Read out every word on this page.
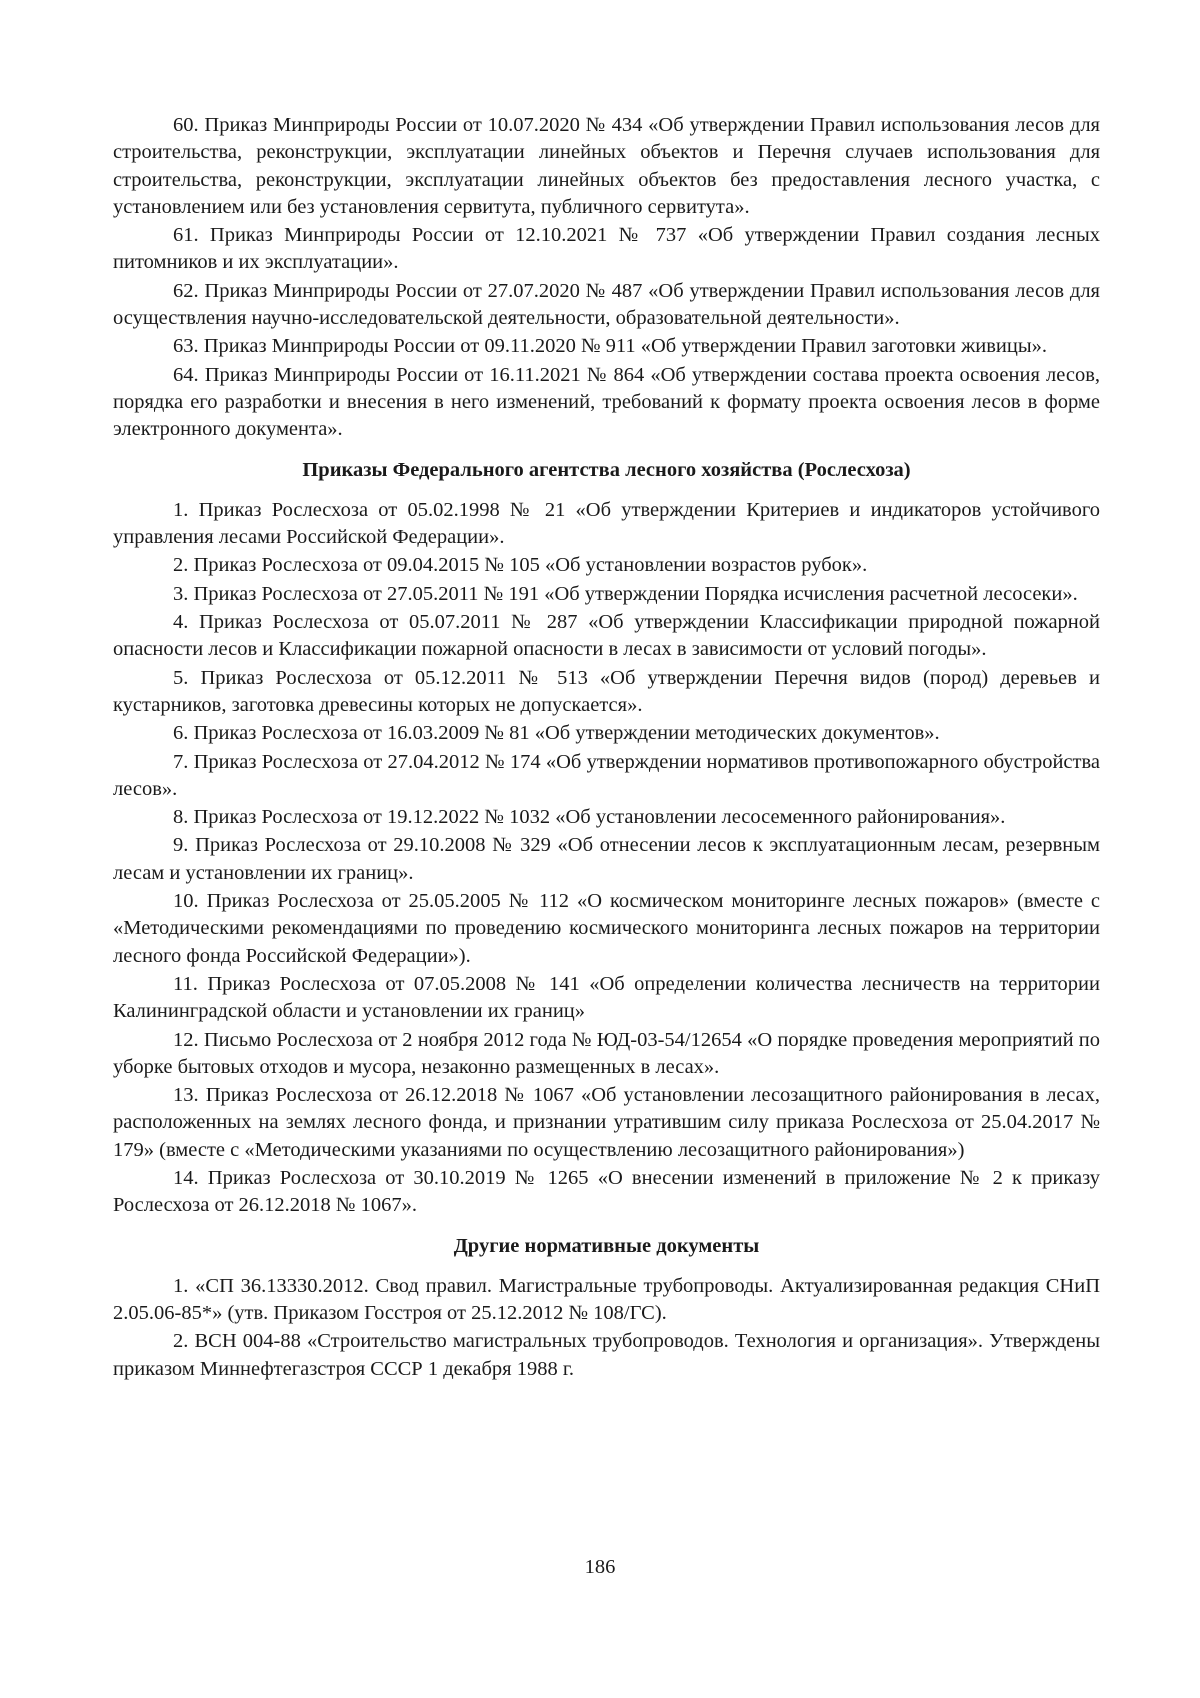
60. Приказ Минприроды России от 10.07.2020 № 434 «Об утверждении Правил использования лесов для строительства, реконструкции, эксплуатации линейных объектов и Перечня случаев использования для строительства, реконструкции, эксплуатации линейных объектов без предоставления лесного участка, с установлением или без установления сервитута, публичного сервитута».

61. Приказ Минприроды России от 12.10.2021 № 737 «Об утверждении Правил создания лесных питомников и их эксплуатации».

62. Приказ Минприроды России от 27.07.2020 № 487 «Об утверждении Правил использования лесов для осуществления научно-исследовательской деятельности, образовательной деятельности».

63. Приказ Минприроды России от 09.11.2020 № 911 «Об утверждении Правил заготовки живицы».

64. Приказ Минприроды России от 16.11.2021 № 864 «Об утверждении состава проекта освоения лесов, порядка его разработки и внесения в него изменений, требований к формату проекта освоения лесов в форме электронного документа».

Приказы Федерального агентства лесного хозяйства (Рослесхоза)

1. Приказ Рослесхоза от 05.02.1998 № 21 «Об утверждении Критериев и индикаторов устойчивого управления лесами Российской Федерации».

2. Приказ Рослесхоза от 09.04.2015 № 105 «Об установлении возрастов рубок».

3. Приказ Рослесхоза от 27.05.2011 № 191 «Об утверждении Порядка исчисления расчетной лесосеки».

4. Приказ Рослесхоза от 05.07.2011 № 287 «Об утверждении Классификации природной пожарной опасности лесов и Классификации пожарной опасности в лесах в зависимости от условий погоды».

5. Приказ Рослесхоза от 05.12.2011 № 513 «Об утверждении Перечня видов (пород) деревьев и кустарников, заготовка древесины которых не допускается».

6. Приказ Рослесхоза от 16.03.2009 № 81 «Об утверждении методических документов».

7. Приказ Рослесхоза от 27.04.2012 № 174 «Об утверждении нормативов противопожарного обустройства лесов».

8. Приказ Рослесхоза от 19.12.2022 № 1032 «Об установлении лесосеменного районирования».

9. Приказ Рослесхоза от 29.10.2008 № 329 «Об отнесении лесов к эксплуатационным лесам, резервным лесам и установлении их границ».

10. Приказ Рослесхоза от 25.05.2005 № 112 «О космическом мониторинге лесных пожаров» (вместе с «Методическими рекомендациями по проведению космического мониторинга лесных пожаров на территории лесного фонда Российской Федерации»).

11. Приказ Рослесхоза от 07.05.2008 № 141 «Об определении количества лесничеств на территории Калининградской области и установлении их границ»

12. Письмо Рослесхоза от 2 ноября 2012 года № ЮД-03-54/12654 «О порядке проведения мероприятий по уборке бытовых отходов и мусора, незаконно размещенных в лесах».

13. Приказ Рослесхоза от 26.12.2018 № 1067 «Об установлении лесозащитного районирования в лесах, расположенных на землях лесного фонда, и признании утратившим силу приказа Рослесхоза от 25.04.2017 № 179» (вместе с «Методическими указаниями по осуществлению лесозащитного районирования»)

14. Приказ Рослесхоза от 30.10.2019 № 1265 «О внесении изменений в приложение № 2 к приказу Рослесхоза от 26.12.2018 № 1067».

Другие нормативные документы

1. «СП 36.13330.2012. Свод правил. Магистральные трубопроводы. Актуализированная редакция СНиП 2.05.06-85*» (утв. Приказом Госстроя от 25.12.2012 № 108/ГС).

2. ВСН 004-88 «Строительство магистральных трубопроводов. Технология и организация». Утверждены приказом Миннефтегазстроя СССР 1 декабря 1988 г.

186
